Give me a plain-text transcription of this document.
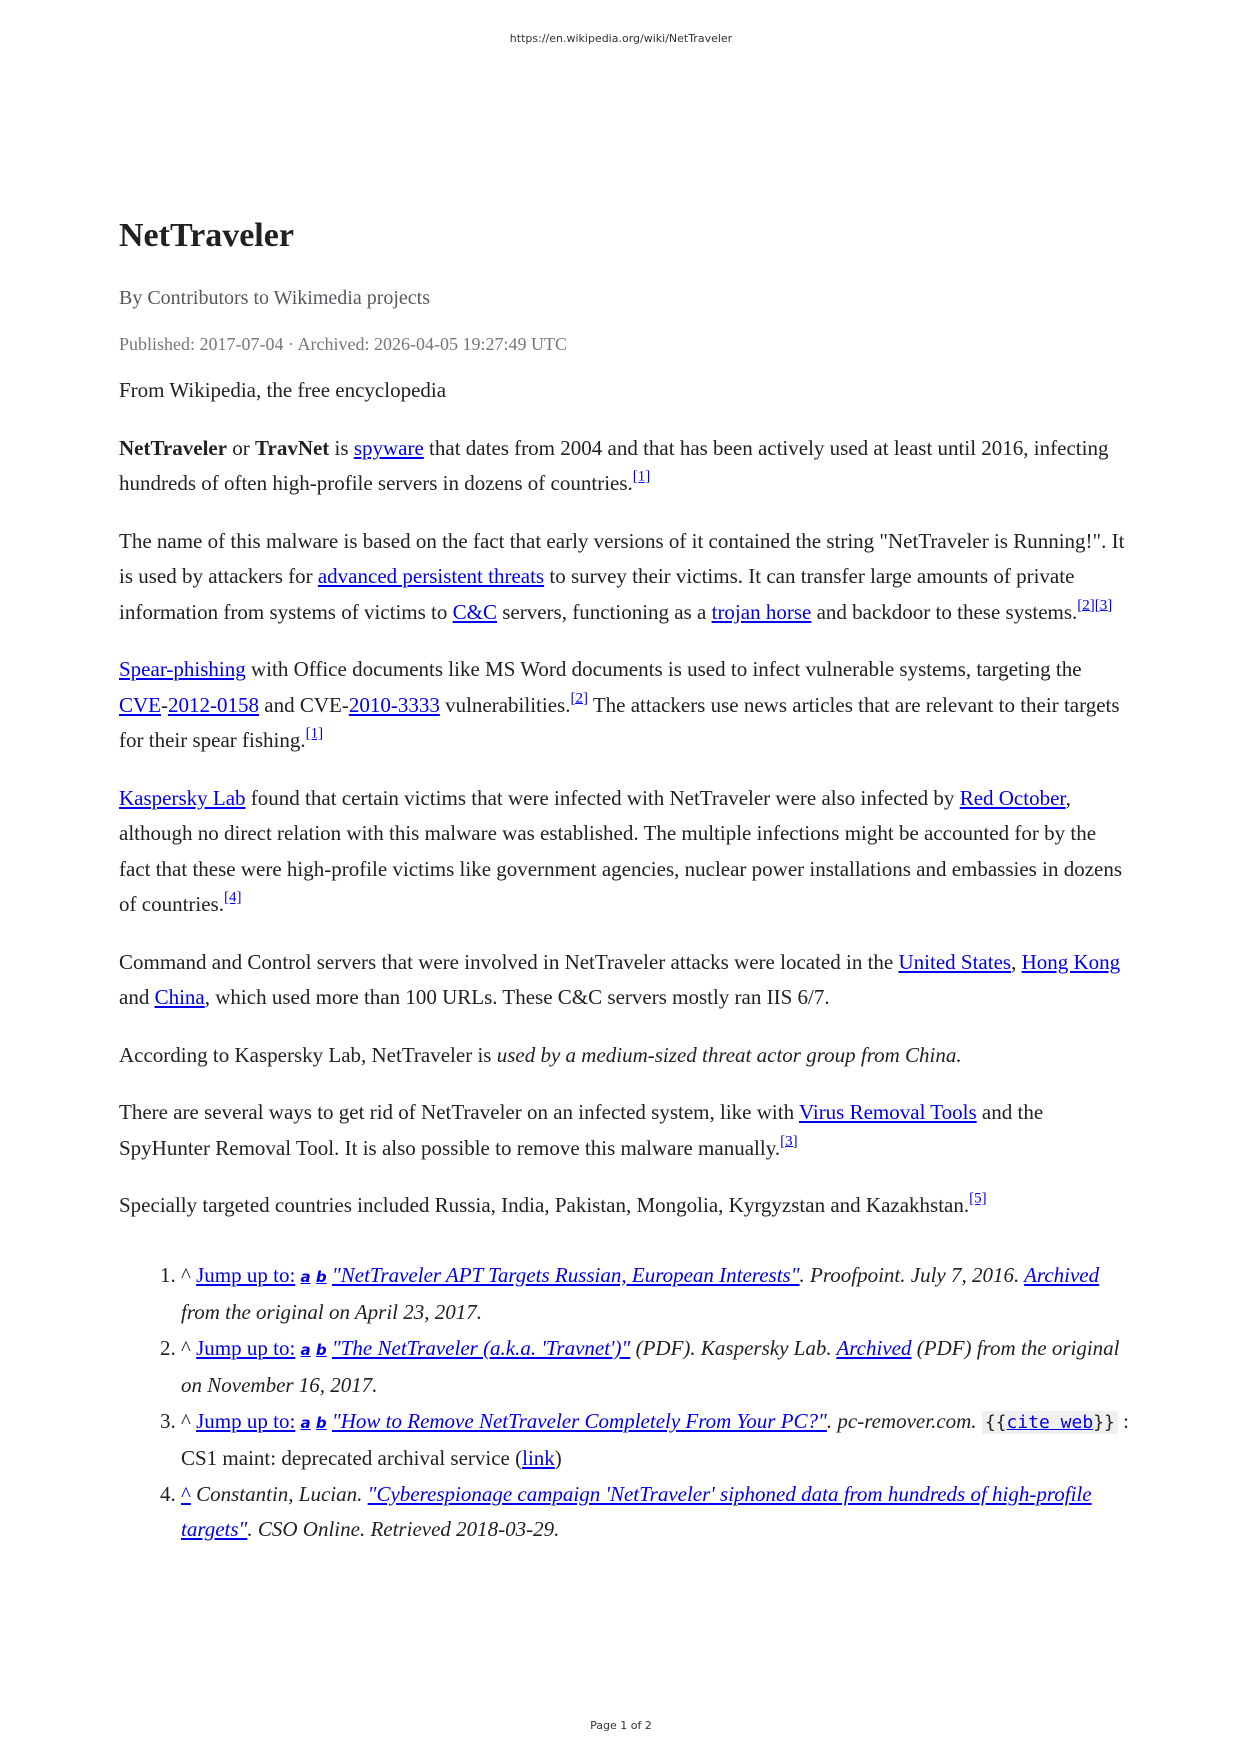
https://en.wikipedia.org/wiki/NetTraveler
NetTraveler
By Contributors to Wikimedia projects
Published: 2017-07-04 · Archived: 2026-04-05 19:27:49 UTC

From Wikipedia, the free encyclopedia

NetTraveler or TravNet is spyware that dates from 2004 and that has been actively used at least until 2016, infecting hundreds of often high-profile servers in dozens of countries.[1]

The name of this malware is based on the fact that early versions of it contained the string "NetTraveler is Running!". It is used by attackers for advanced persistent threats to survey their victims. It can transfer large amounts of private information from systems of victims to C&C servers, functioning as a trojan horse and backdoor to these systems.[2][3]

Spear-phishing with Office documents like MS Word documents is used to infect vulnerable systems, targeting the CVE-2012-0158 and CVE-2010-3333 vulnerabilities.[2] The attackers use news articles that are relevant to their targets for their spear fishing.[1]

Kaspersky Lab found that certain victims that were infected with NetTraveler were also infected by Red October, although no direct relation with this malware was established. The multiple infections might be accounted for by the fact that these were high-profile victims like government agencies, nuclear power installations and embassies in dozens of countries.[4]

Command and Control servers that were involved in NetTraveler attacks were located in the United States, Hong Kong and China, which used more than 100 URLs. These C&C servers mostly ran IIS 6/7.

According to Kaspersky Lab, NetTraveler is used by a medium-sized threat actor group from China.

There are several ways to get rid of NetTraveler on an infected system, like with Virus Removal Tools and the SpyHunter Removal Tool. It is also possible to remove this malware manually.[3]

Specially targeted countries included Russia, India, Pakistan, Mongolia, Kyrgyzstan and Kazakhstan.[5]

1. ^ Jump up to: a b "NetTraveler APT Targets Russian, European Interests". Proofpoint. July 7, 2016. Archived from the original on April 23, 2017.
2. ^ Jump up to: a b "The NetTraveler (a.k.a. 'Travnet')" (PDF). Kaspersky Lab. Archived (PDF) from the original on November 16, 2017.
3. ^ Jump up to: a b "How to Remove NetTraveler Completely From Your PC?". pc-remover.com. {{cite web}} : CS1 maint: deprecated archival service (link)
4. ^ Constantin, Lucian. "Cyberespionage campaign 'NetTraveler' siphoned data from hundreds of high-profile targets". CSO Online. Retrieved 2018-03-29.
Page 1 of 2
